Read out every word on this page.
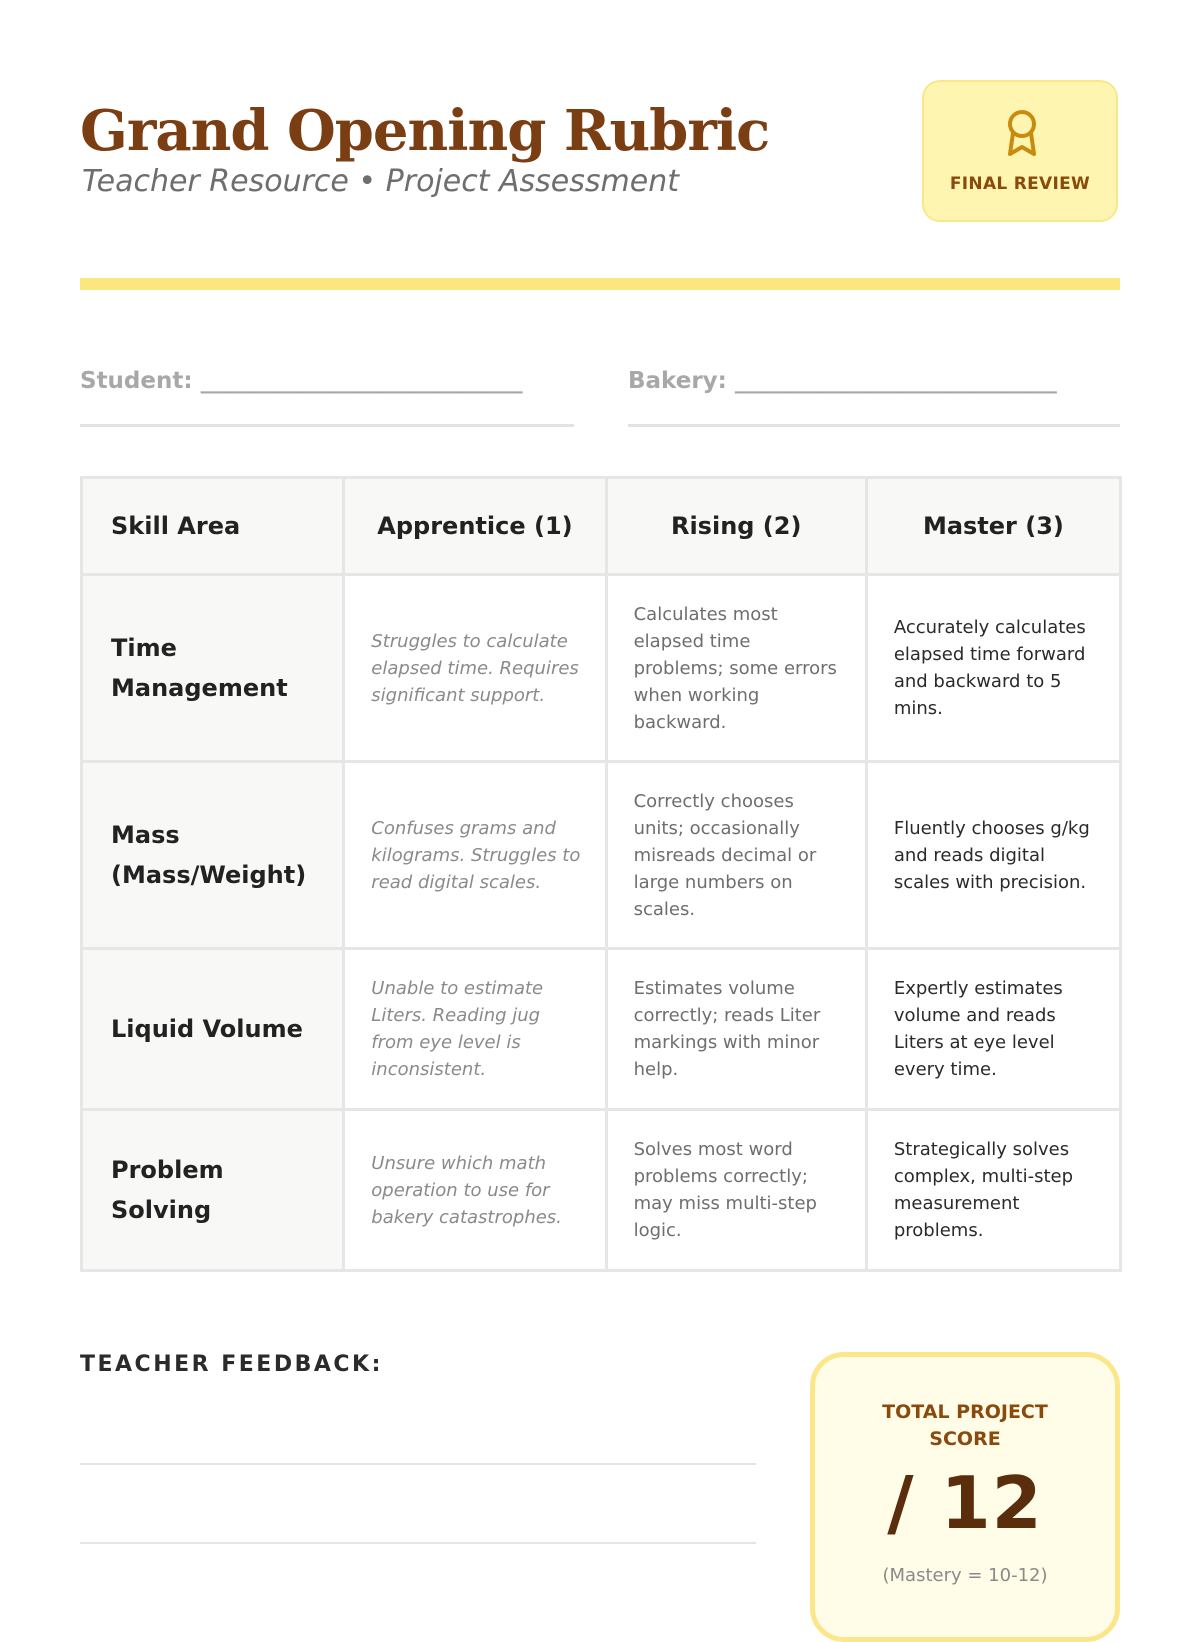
Grand Opening Rubric
Teacher Resource • Project Assessment	FINAL REVIEW
Student: ____________________________	Bakery: ____________________________
Skill Area	Apprentice (1)	Rising (2)	Master (3)
Time Management	Struggles to calculate elapsed time. Requires significant support.	Calculates most elapsed time problems; some errors when working backward.	Accurately calculates elapsed time forward and backward to 5 mins.
Mass (Mass/Weight)	Confuses grams and kilograms. Struggles to read digital scales.	Correctly chooses units; occasionally misreads decimal or large numbers on scales.	Fluently chooses g/kg and reads digital scales with precision.
Liquid Volume	Unable to estimate Liters. Reading jug from eye level is inconsistent.	Estimates volume correctly; reads Liter markings with minor help.	Expertly estimates volume and reads Liters at eye level every time.
Problem Solving	Unsure which math operation to use for bakery catastrophes.	Solves most word problems correctly; may miss multi-step logic.	Strategically solves complex, multi-step measurement problems.
TEACHER FEEDBACK:
TOTAL PROJECT SCORE
/ 12
(Mastery = 10-12)
